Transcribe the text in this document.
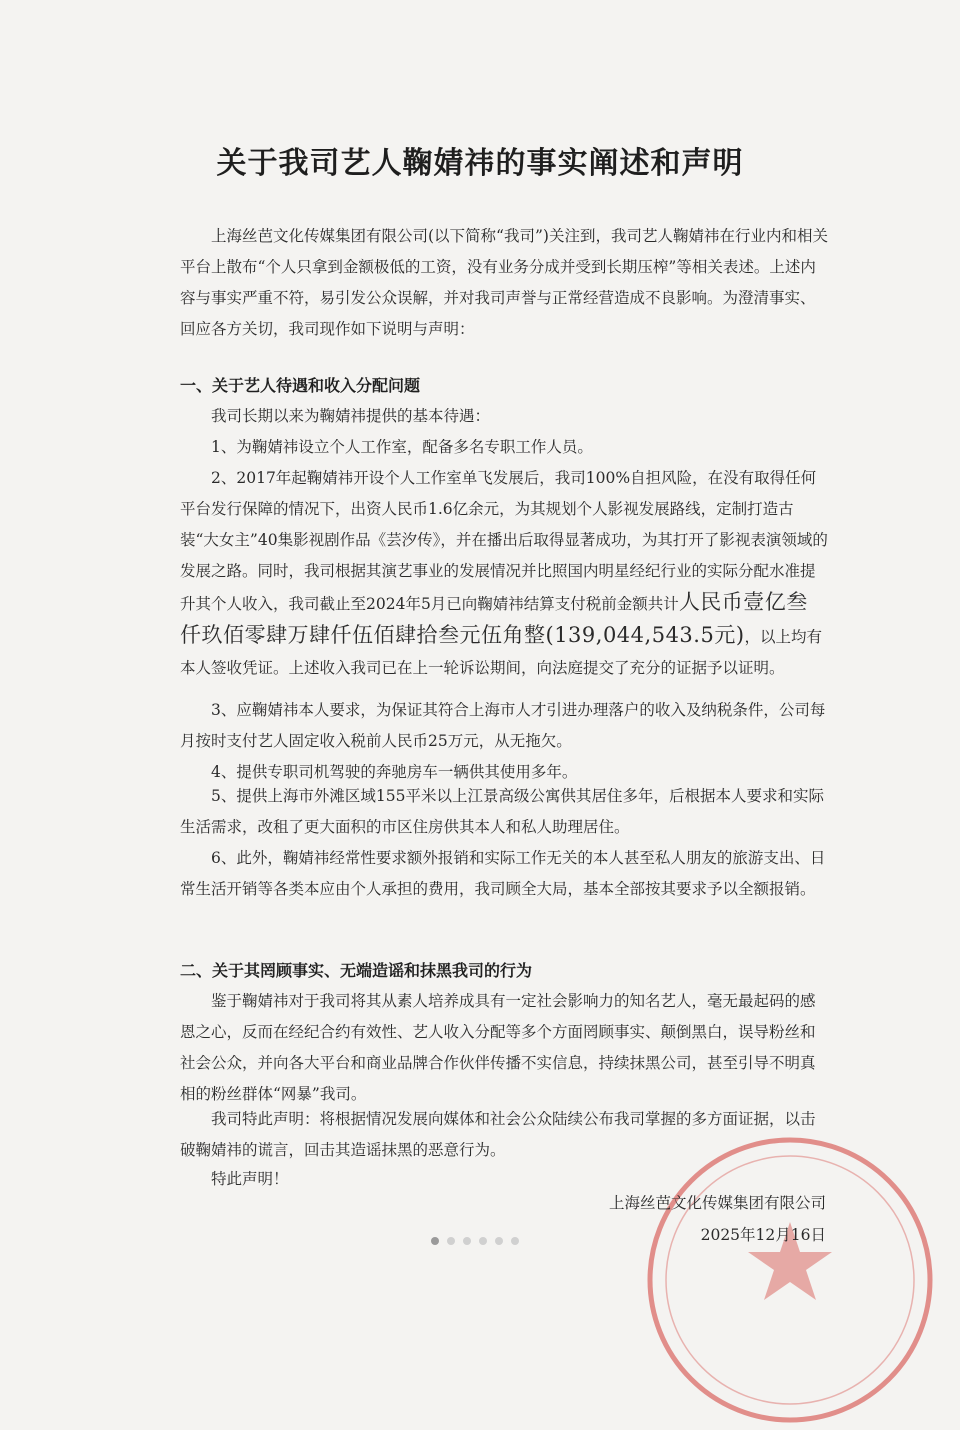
关于我司艺人鞠婧祎的事实阐述和声明

上海丝芭文化传媒集团有限公司(以下简称“我司”)关注到，我司艺人鞠婧祎在行业内和相关平台上散布“个人只拿到金额极低的工资，没有业务分成并受到长期压榨”等相关表述。上述内容与事实严重不符，易引发公众误解，并对我司声誉与正常经营造成不良影响。为澄清事实、回应各方关切，我司现作如下说明与声明：

一、关于艺人待遇和收入分配问题

我司长期以来为鞠婧祎提供的基本待遇：

1、为鞠婧祎设立个人工作室，配备多名专职工作人员。

2、2017年起鞠婧祎开设个人工作室单飞发展后，我司100%自担风险，在没有取得任何平台发行保障的情况下，出资人民币1.6亿余元，为其规划个人影视发展路线，定制打造古装“大女主”40集影视剧作品《芸汐传》，并在播出后取得显著成功，为其打开了影视表演领域的发展之路。同时，我司根据其演艺事业的发展情况并比照国内明星经纪行业的实际分配水准提升其个人收入，我司截止至2024年5月已向鞠婧祎结算支付税前金额共计人民币壹亿叁仟玖佰零肆万肆仟伍佰肆拾叁元伍角整(139,044,543.5元)，以上均有本人签收凭证。上述收入我司已在上一轮诉讼期间，向法庭提交了充分的证据予以证明。

3、应鞠婧祎本人要求，为保证其符合上海市人才引进办理落户的收入及纳税条件，公司每月按时支付艺人固定收入税前人民币25万元，从无拖欠。

4、提供专职司机驾驶的奔驰房车一辆供其使用多年。

5、提供上海市外滩区域155平米以上江景高级公寓供其居住多年，后根据本人要求和实际生活需求，改租了更大面积的市区住房供其本人和私人助理居住。

6、此外，鞠婧祎经常性要求额外报销和实际工作无关的本人甚至私人朋友的旅游支出、日常生活开销等各类本应由个人承担的费用，我司顾全大局，基本全部按其要求予以全额报销。

二、关于其罔顾事实、无端造谣和抹黑我司的行为

鉴于鞠婧祎对于我司将其从素人培养成具有一定社会影响力的知名艺人，毫无最起码的感恩之心，反而在经纪合约有效性、艺人收入分配等多个方面罔顾事实、颠倒黑白，误导粉丝和社会公众，并向各大平台和商业品牌合作伙伴传播不实信息，持续抹黑公司，甚至引导不明真相的粉丝群体“网暴”我司。

我司特此声明：将根据情况发展向媒体和社会公众陆续公布我司掌握的多方面证据，以击破鞠婧祎的谎言，回击其造谣抹黑的恶意行为。

特此声明！

上海丝芭文化传媒集团有限公司

2025年12月16日
